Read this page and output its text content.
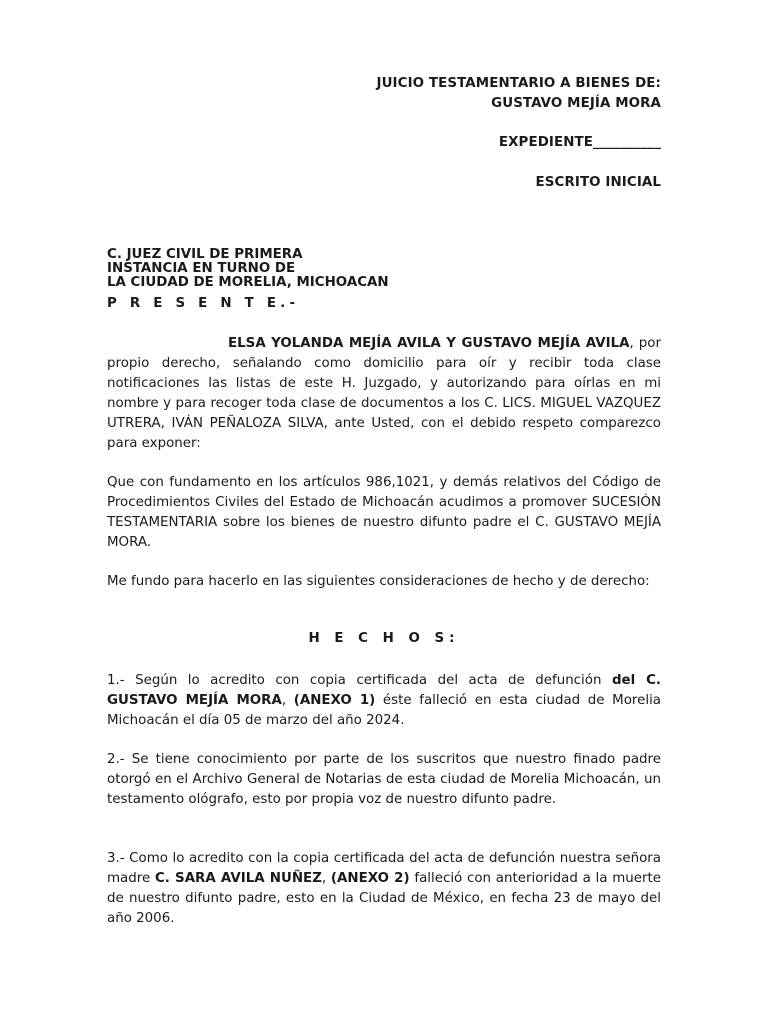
JUICIO TESTAMENTARIO A BIENES DE:
GUSTAVO MEJÍA MORA
EXPEDIENTE__________
ESCRITO INICIAL
C. JUEZ CIVIL DE PRIMERA
INSTANCIA EN TURNO DE
LA CIUDAD DE MORELIA, MICHOACAN
P R E S E N T E.-
ELSA YOLANDA MEJÍA AVILA Y GUSTAVO MEJÍA AVILA, por propio derecho, señalando como domicilio para oír y recibir toda clase notificaciones las listas de este H. Juzgado, y autorizando para oírlas en mi nombre y para recoger toda clase de documentos a los C. LICS. MIGUEL VAZQUEZ UTRERA, IVÁN PEÑALOZA SILVA, ante Usted, con el debido respeto comparezco para exponer:
Que con fundamento en los artículos 986,1021, y demás relativos del Código de Procedimientos Civiles del Estado de Michoacán acudimos a promover SUCESIÓN TESTAMENTARIA sobre los bienes de nuestro difunto padre el C. GUSTAVO MEJÍA MORA.
Me fundo para hacerlo en las siguientes consideraciones de hecho y de derecho:
H E C H O S:
1.- Según lo acredito con copia certificada del acta de defunción del C. GUSTAVO MEJÍA MORA, (ANEXO 1) éste falleció en esta ciudad de Morelia Michoacán el día 05 de marzo del año 2024.
2.- Se tiene conocimiento por parte de los suscritos que nuestro finado padre otorgó en el Archivo General de Notarias de esta ciudad de Morelia Michoacán, un testamento ológrafo, esto por propia voz de nuestro difunto padre.
3.- Como lo acredito con la copia certificada del acta de defunción nuestra señora madre C. SARA AVILA NUÑEZ, (ANEXO 2) falleció con anterioridad a la muerte de nuestro difunto padre, esto en la Ciudad de México, en fecha 23 de mayo del año 2006.
